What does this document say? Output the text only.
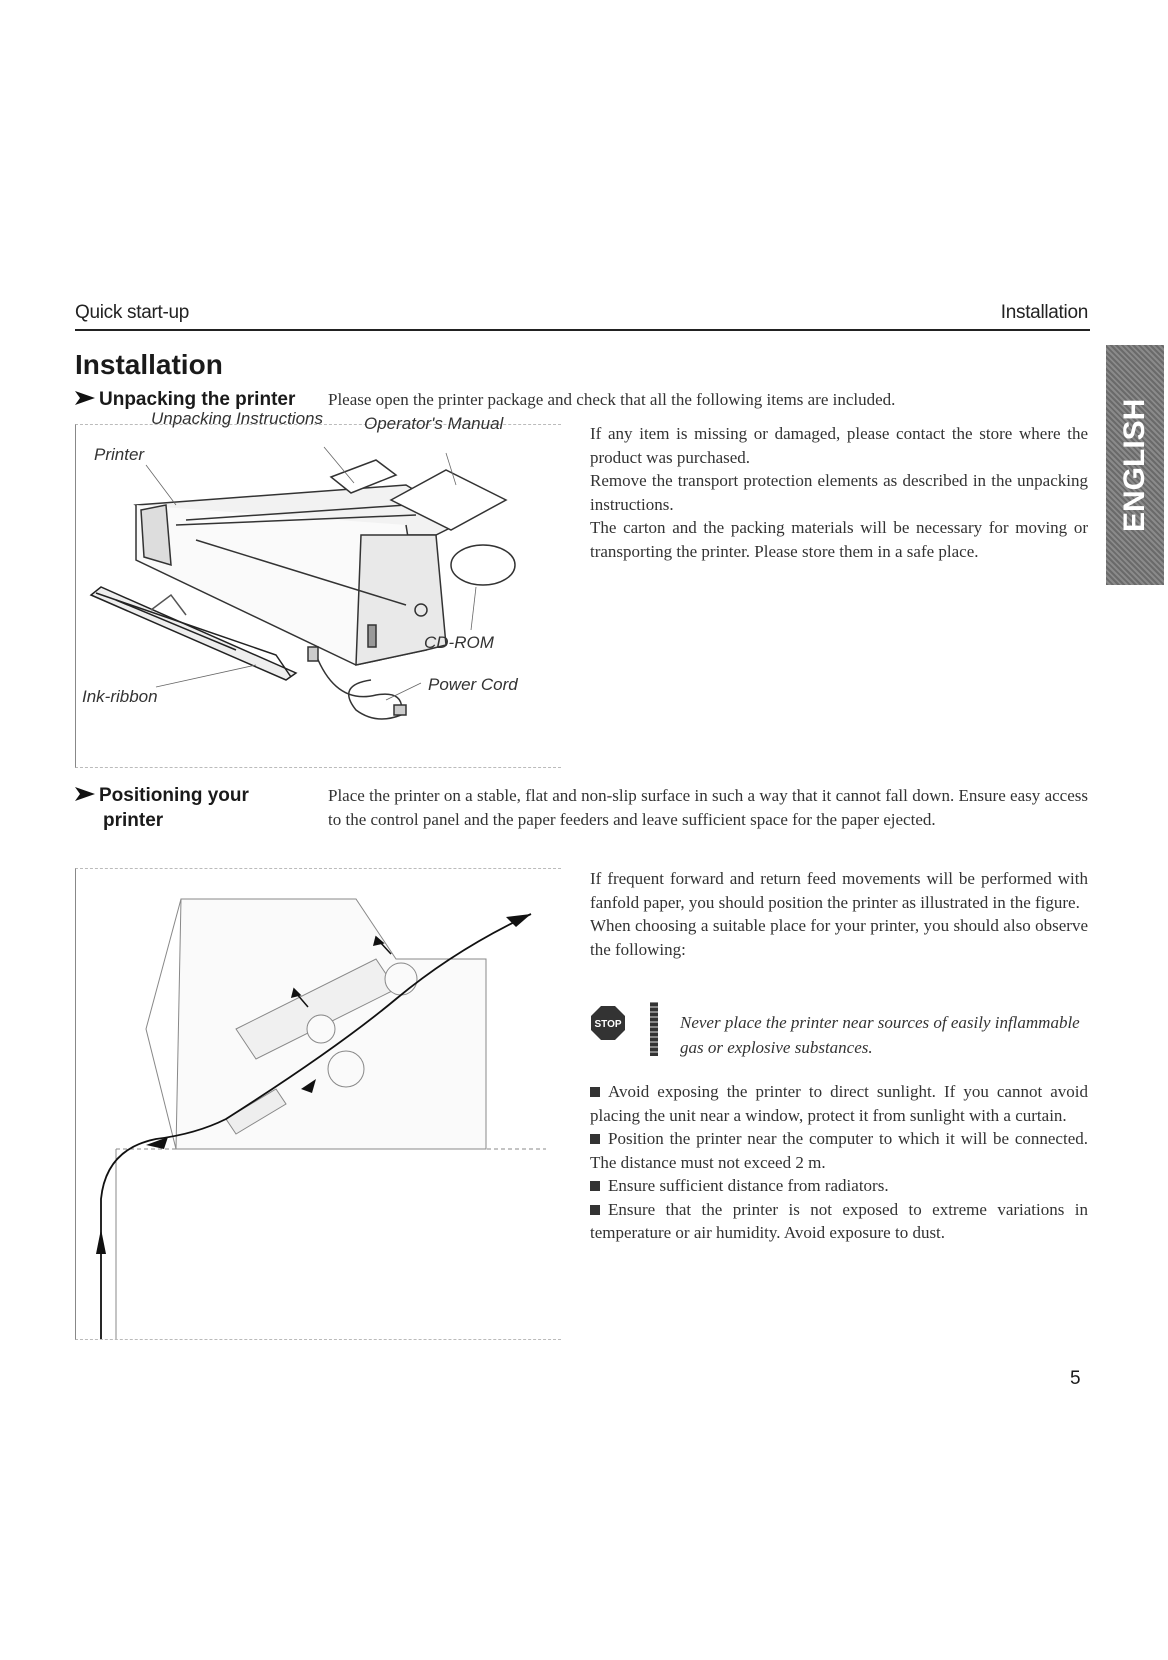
Quick start-up	Installation
ENGLISH
Installation
Unpacking the printer Please open the printer package and check that all the following items are included.
Unpacking Instructions Operator's Manual
Printer
CD-ROM
Power Cord
Ink-ribbon

If any item is missing or damaged, please contact the store where the product was purchased.

Remove the transport protection elements as described in the unpacking instructions.

The carton and the packing materials will be necessary for moving or transporting the printer. Please store them in a safe place.

Positioning your
printer
Place the printer on a stable, flat and non-slip surface in such a way that it cannot fall down. Ensure easy access to the control panel and the paper feeders and leave sufficient space for the paper ejected.

If frequent forward and return feed movements will be performed with fanfold paper, you should position the printer as illustrated in the figure.

When choosing a suitable place for your printer, you should also observe the following:

STOP	Never place the printer near sources of easily inflammable gas or explosive substances.

Avoid exposing the printer to direct sunlight. If you cannot avoid placing the unit near a window, protect it from sunlight with a curtain.

Position the printer near the computer to which it will be connected. The distance must not exceed 2 m.

Ensure sufficient distance from radiators.

Ensure that the printer is not exposed to extreme variations in temperature or air humidity. Avoid exposure to dust.

5
